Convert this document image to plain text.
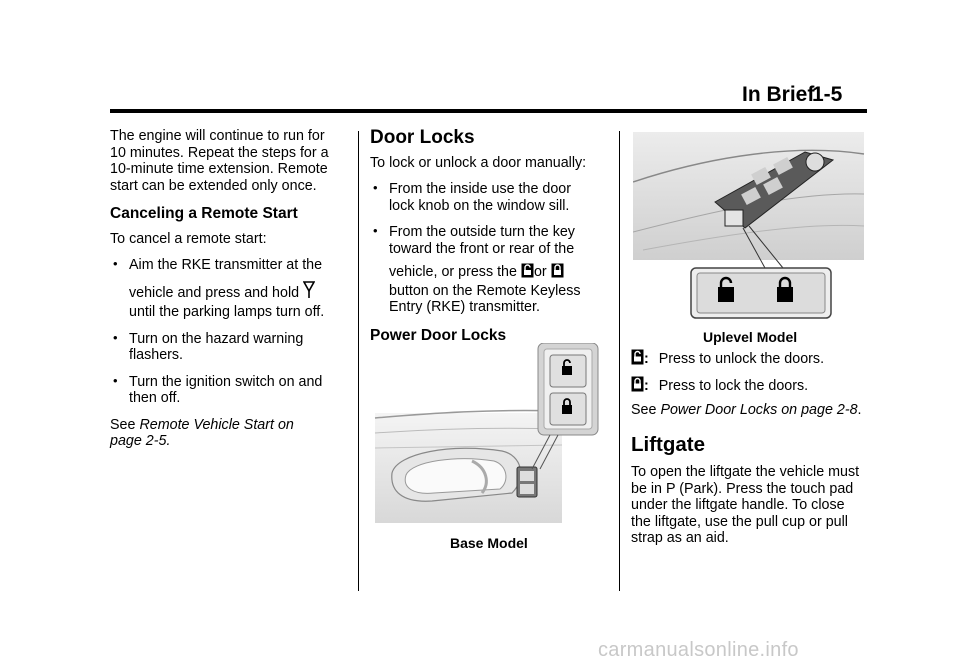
In Brief
1-5

The engine will continue to run for

10 minutes. Repeat the steps for a

10-minute time extension. Remote

start can be extended only once.

Canceling a Remote Start

To cancel a remote start:

• Aim the RKE transmitter at the

vehicle and press and hold

until the parking lamps turn off.

• Turn on the hazard warning

flashers.

• Turn the ignition switch on and

then off.

See Remote Vehicle Start on

page 2-5.

Door Locks

To lock or unlock a door manually:

• From the inside use the door

lock knob on the window sill.

• From the outside turn the key

toward the front or rear of the

vehicle, or press the or

button on the Remote Keyless

Entry (RKE) transmitter.

Power Door Locks

Base Model
Uplevel Model

: Press to unlock the doors.

: Press to lock the doors.

See Power Door Locks on page 2-8.

Liftgate

To open the liftgate the vehicle must

be in P (Park). Press the touch pad

under the liftgate handle. To close

the liftgate, use the pull cup or pull

strap as an aid.

carmanualsonline.info
